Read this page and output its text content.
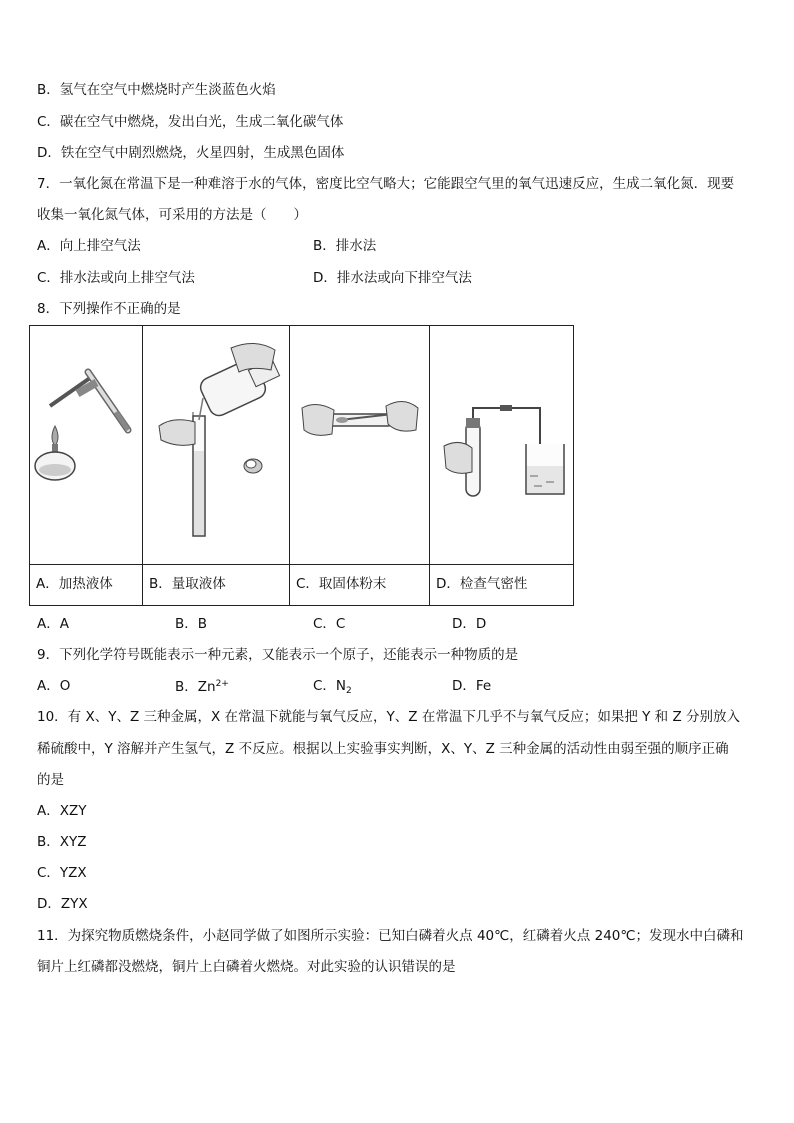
B．氢气在空气中燃烧时产生淡蓝色火焰
C．碳在空气中燃烧，发出白光，生成二氧化碳气体
D．铁在空气中剧烈燃烧，火星四射，生成黑色固体
7．一氧化氮在常温下是一种难溶于水的气体，密度比空气略大；它能跟空气里的氧气迅速反应，生成二氧化氮．现要
收集一氧化氮气体，可采用的方法是（　　）
A．向上排空气法	B．排水法
C．排水法或向上排空气法	D．排水法或向下排空气法
8．下列操作不正确的是

A．加热液体	B．量取液体	C．取固体粉末	D．检查气密性
A．A	B．B	C．C	D．D
9．下列化学符号既能表示一种元素，又能表示一个原子，还能表示一种物质的是
A．O	B．$Zn^{2+}$	C．$N_2$	D．Fe
10．有 X、Y、Z 三种金属，X 在常温下就能与氧气反应，Y、Z 在常温下几乎不与氧气反应；如果把 Y 和 Z 分别放入
稀硫酸中，Y 溶解并产生氢气，Z 不反应。根据以上实验事实判断，X、Y、Z 三种金属的活动性由弱至强的顺序正确
的是
A．XZY
B．XYZ
C．YZX
D．ZYX
11．为探究物质燃烧条件，小赵同学做了如图所示实验：已知白磷着火点 40℃，红磷着火点 240℃；发现水中白磷和
铜片上红磷都没燃烧，铜片上白磷着火燃烧。对此实验的认识错误的是
